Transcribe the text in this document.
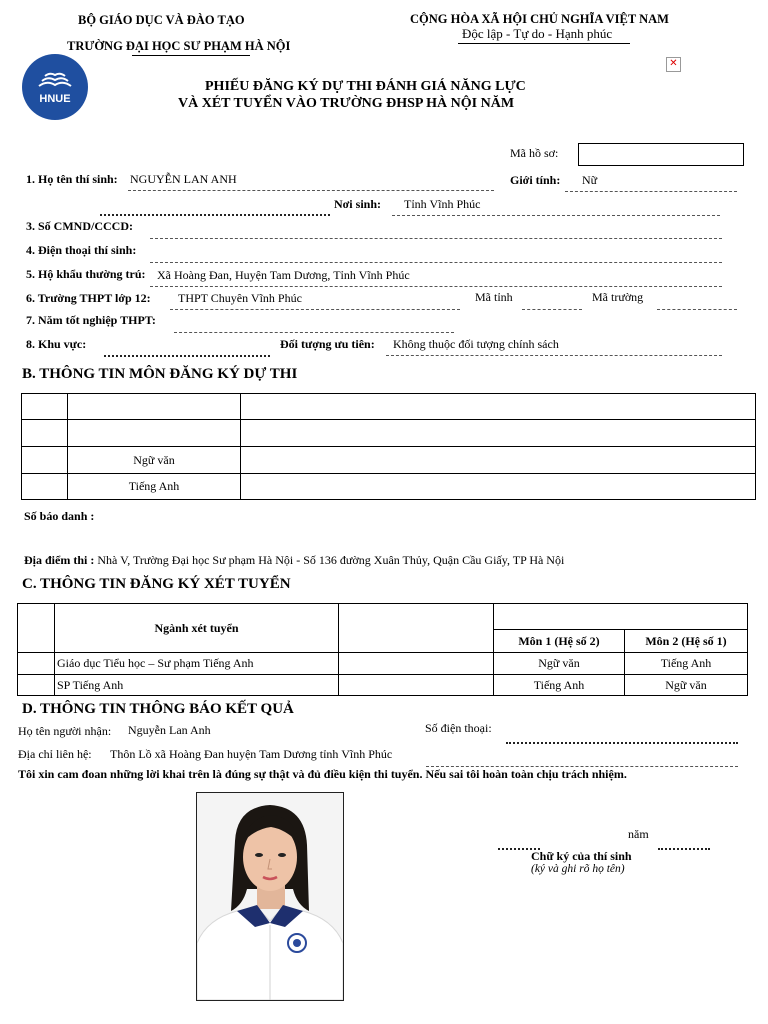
BỘ GIÁO DỤC VÀ ĐÀO TẠO
TRƯỜNG ĐẠI HỌC SƯ PHẠM HÀ NỘI
CỘNG HÒA XÃ HỘI CHỦ NGHĨA VIỆT NAM
Độc lập - Tự do - Hạnh phúc
HNUE
✕
PHIẾU ĐĂNG KÝ DỰ THI ĐÁNH GIÁ NĂNG LỰC
VÀ XÉT TUYỂN VÀO TRƯỜNG ĐHSP HÀ NỘI NĂM
Mã hồ sơ:
1. Họ tên thí sinh: NGUYỄN LAN ANH	Giới tính: Nữ
Nơi sinh: Tỉnh Vĩnh Phúc
3. Số CMND/CCCD:
4. Điện thoại thí sinh:
5. Hộ khẩu thường trú: Xã Hoàng Đan, Huyện Tam Dương, Tỉnh Vĩnh Phúc
6. Trường THPT lớp 12: THPT Chuyên Vĩnh Phúc	Mã tỉnh	Mã trường
7. Năm tốt nghiệp THPT:
8. Khu vực:	Đối tượng ưu tiên: Không thuộc đối tượng chính sách
B. THÔNG TIN MÔN ĐĂNG KÝ DỰ THI

	Ngữ văn	
	Tiếng Anh	
Số báo danh :
Địa điểm thi : Nhà V, Trường Đại học Sư phạm Hà Nội - Số 136 đường Xuân Thủy, Quận Cầu Giấy, TP Hà Nội
C. THÔNG TIN ĐĂNG KÝ XÉT TUYỂN
	Ngành xét tuyển			
			Môn 1 (Hệ số 2)	Môn 2 (Hệ số 1)
	Giáo dục Tiểu học – Sư phạm Tiếng Anh		Ngữ văn	Tiếng Anh
	SP Tiếng Anh		Tiếng Anh	Ngữ văn
D. THÔNG TIN THÔNG BÁO KẾT QUẢ
Họ tên người nhận: Nguyễn Lan Anh	Số điện thoại:
Địa chỉ liên hệ: Thôn Lồ xã Hoàng Đan huyện Tam Dương tỉnh Vĩnh Phúc
Tôi xin cam đoan những lời khai trên là đúng sự thật và đủ điều kiện thi tuyển. Nếu sai tôi hoàn toàn chịu trách nhiệm.
năm
Chữ ký của thí sinh
(ký và ghi rõ họ tên)
